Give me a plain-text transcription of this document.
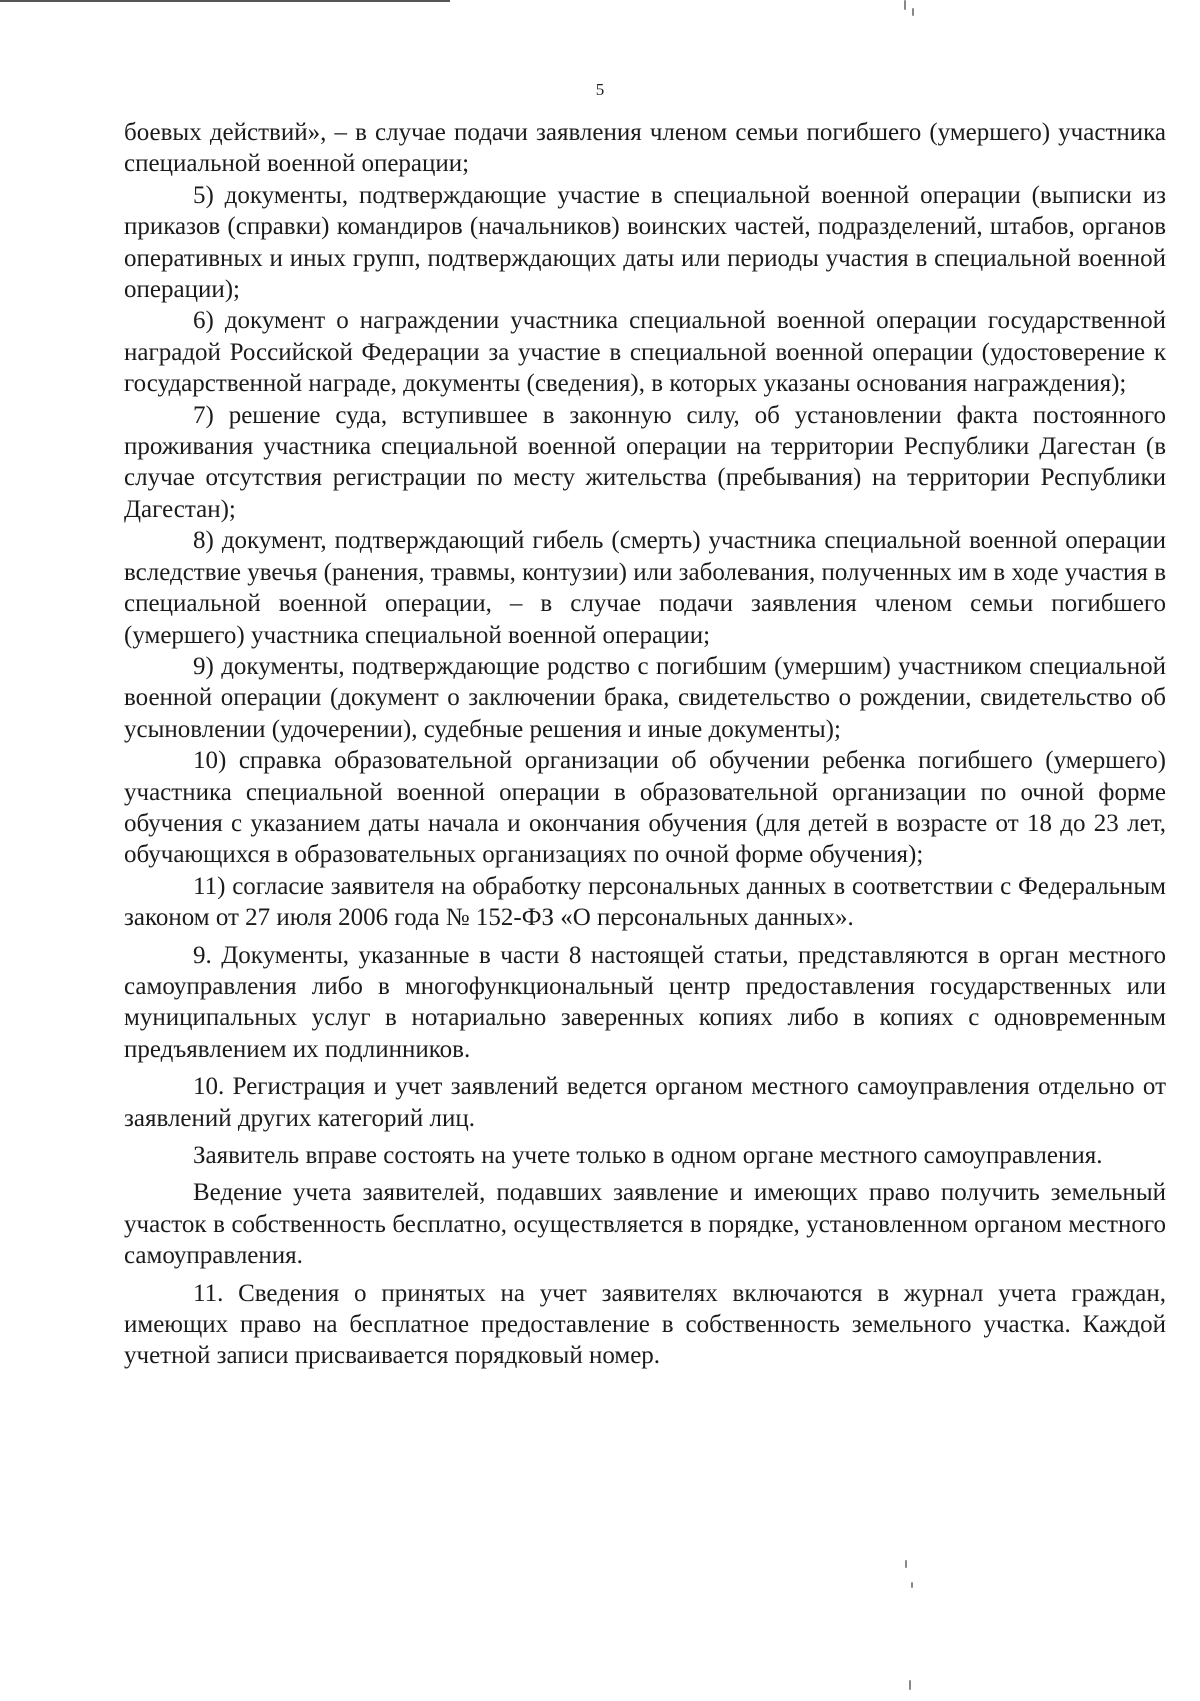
5

боевых действий», – в случае подачи заявления членом семьи погибшего (умершего) участника специальной военной операции;

5) документы, подтверждающие участие в специальной военной операции (выписки из приказов (справки) командиров (начальников) воинских частей, подразделений, штабов, органов оперативных и иных групп, подтверждающих даты или периоды участия в специальной военной операции);

6) документ о награждении участника специальной военной операции государственной наградой Российской Федерации за участие в специальной военной операции (удостоверение к государственной награде, документы (сведения), в которых указаны основания награждения);

7) решение суда, вступившее в законную силу, об установлении факта постоянного проживания участника специальной военной операции на территории Республики Дагестан (в случае отсутствия регистрации по месту жительства (пребывания) на территории Республики Дагестан);

8) документ, подтверждающий гибель (смерть) участника специальной военной операции вследствие увечья (ранения, травмы, контузии) или заболевания, полученных им в ходе участия в специальной военной операции, – в случае подачи заявления членом семьи погибшего (умершего) участника специальной военной операции;

9) документы, подтверждающие родство с погибшим (умершим) участником специальной военной операции (документ о заключении брака, свидетельство о рождении, свидетельство об усыновлении (удочерении), судебные решения и иные документы);

10) справка образовательной организации об обучении ребенка погибшего (умершего) участника специальной военной операции в образовательной организации по очной форме обучения с указанием даты начала и окончания обучения (для детей в возрасте от 18 до 23 лет, обучающихся в образовательных организациях по очной форме обучения);

11) согласие заявителя на обработку персональных данных в соответствии с Федеральным законом от 27 июля 2006 года № 152-ФЗ «О персональных данных».

9. Документы, указанные в части 8 настоящей статьи, представляются в орган местного самоуправления либо в многофункциональный центр предоставления государственных или муниципальных услуг в нотариально заверенных копиях либо в копиях с одновременным предъявлением их подлинников.

10. Регистрация и учет заявлений ведется органом местного самоуправления отдельно от заявлений других категорий лиц.

Заявитель вправе состоять на учете только в одном органе местного самоуправления.

Ведение учета заявителей, подавших заявление и имеющих право получить земельный участок в собственность бесплатно, осуществляется в порядке, установленном органом местного самоуправления.

11. Сведения о принятых на учет заявителях включаются в журнал учета граждан, имеющих право на бесплатное предоставление в собственность земельного участка. Каждой учетной записи присваивается порядковый номер.
